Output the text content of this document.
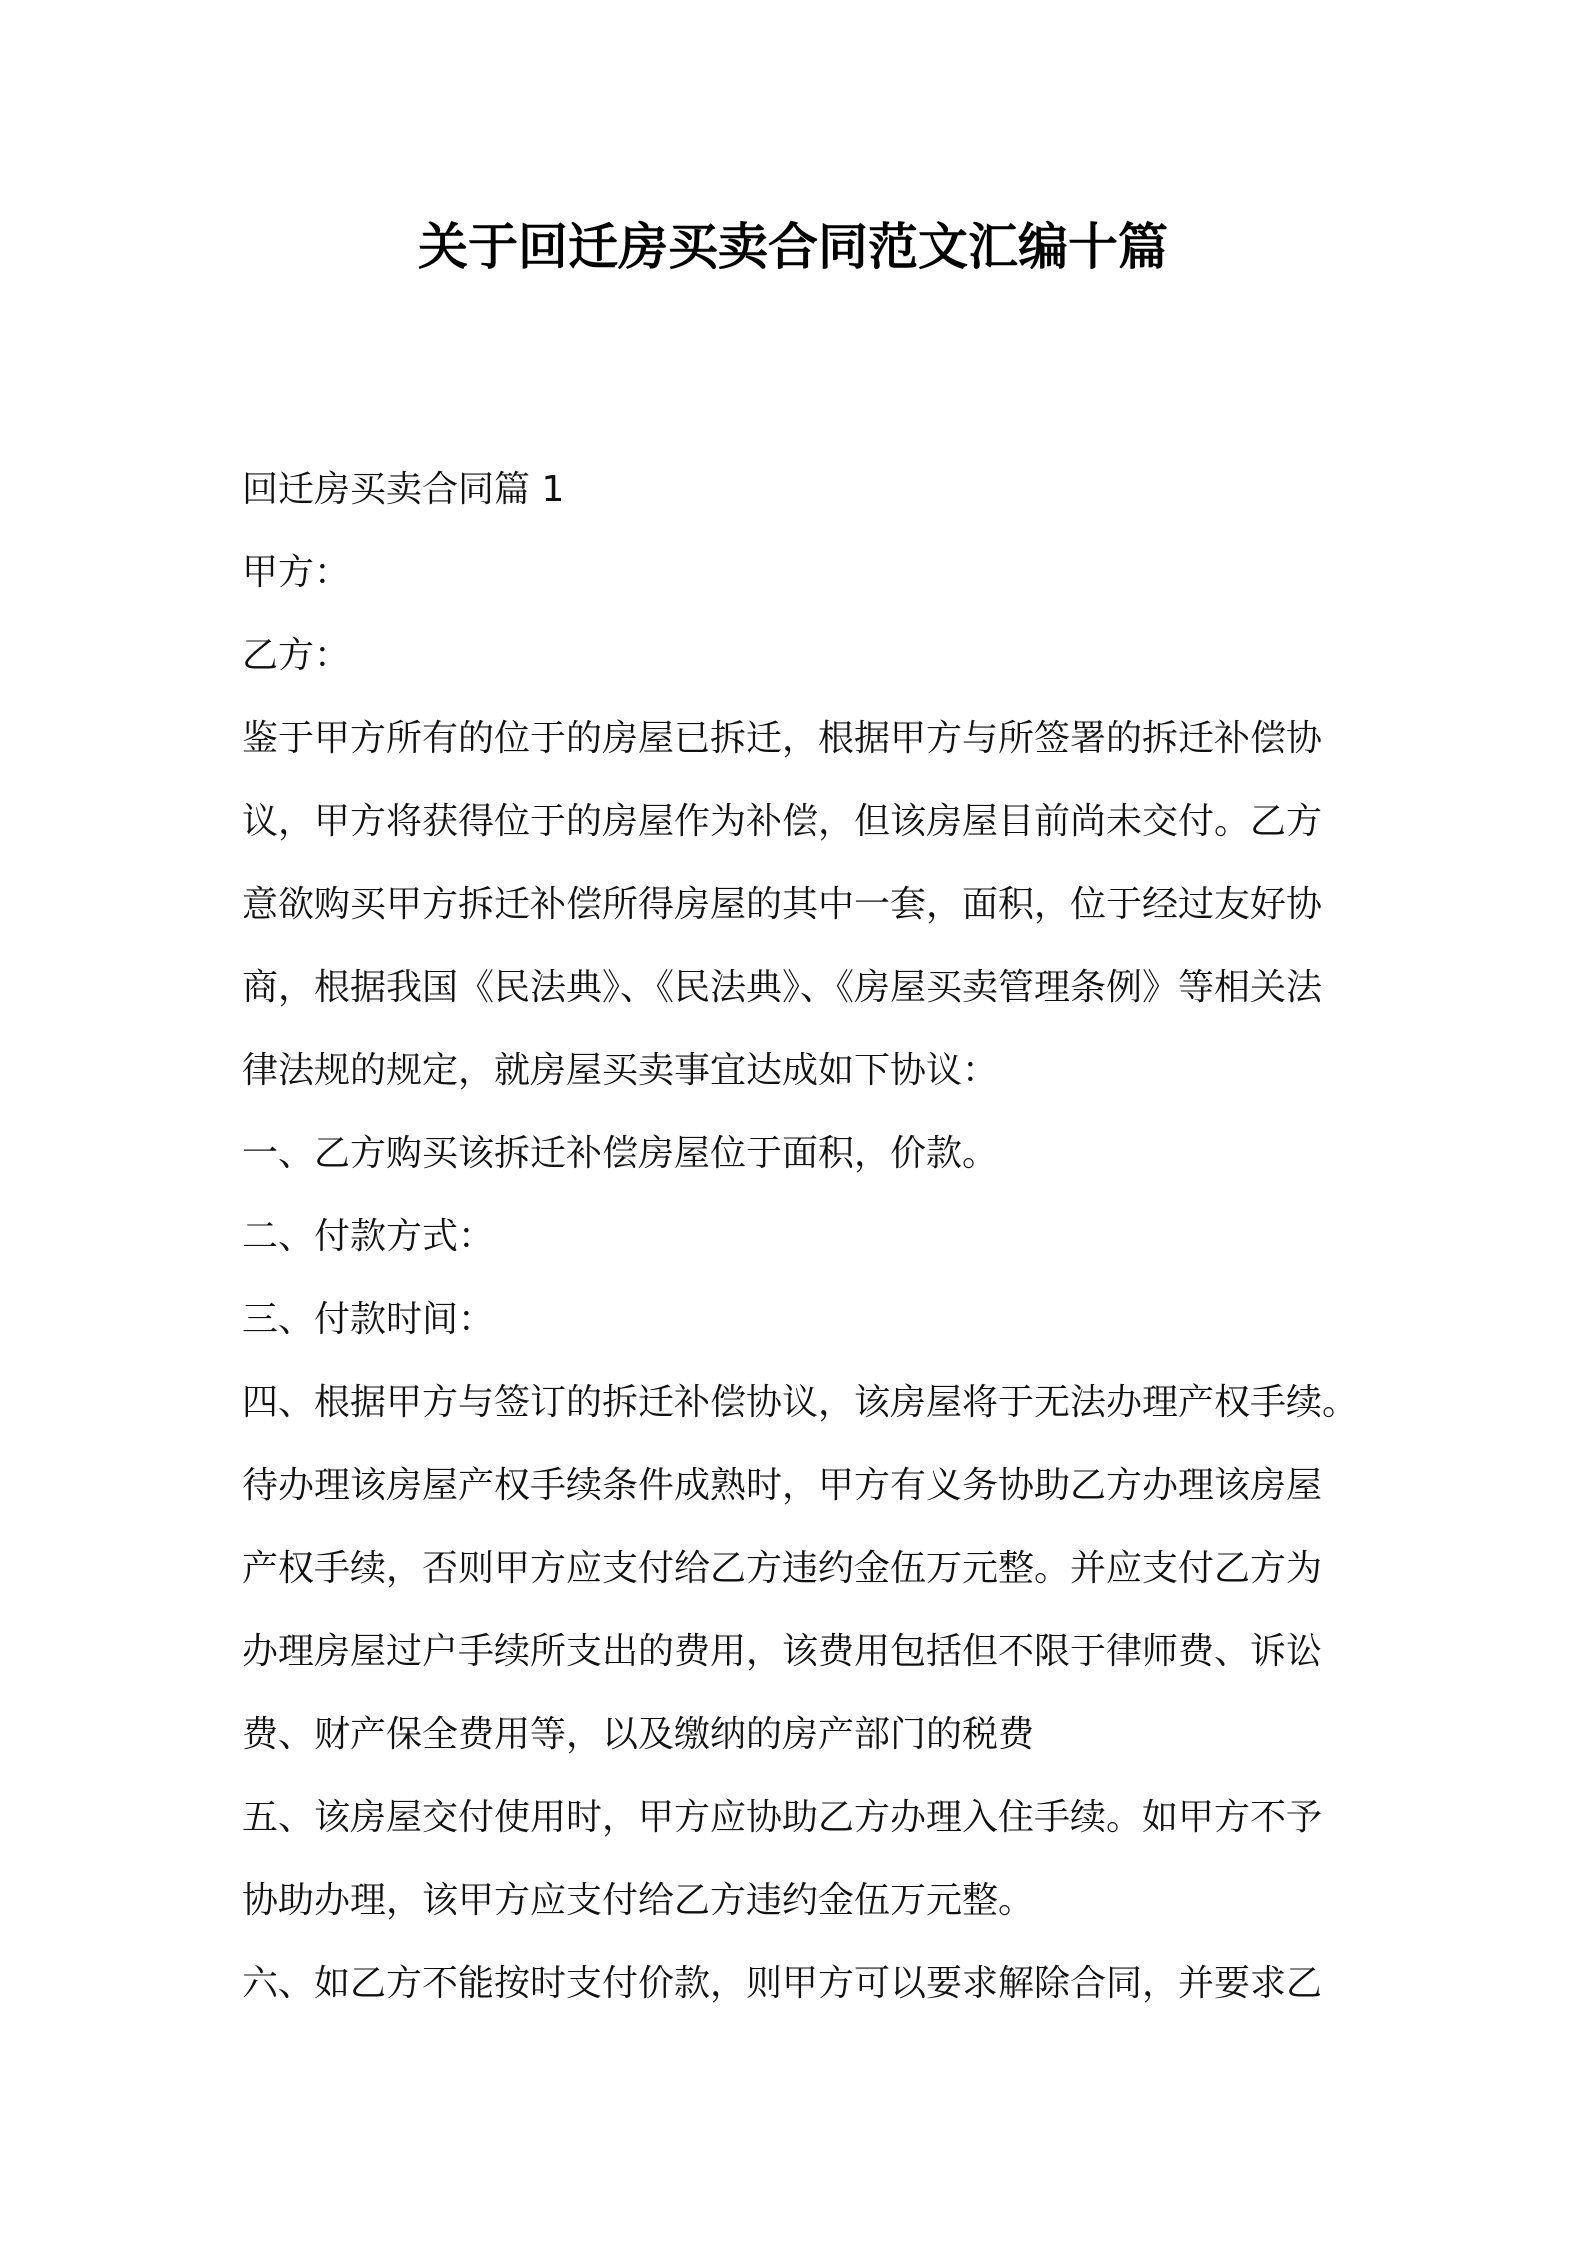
关于回迁房买卖合同范文汇编十篇

回迁房买卖合同篇 1

甲方：

乙方：

鉴于甲方所有的位于的房屋已拆迁，根据甲方与所签署的拆迁补偿协

议，甲方将获得位于的房屋作为补偿，但该房屋目前尚未交付。乙方

意欲购买甲方拆迁补偿所得房屋的其中一套，面积，位于经过友好协

商，根据我国《民法典》、《民法典》、《房屋买卖管理条例》等相关法

律法规的规定，就房屋买卖事宜达成如下协议：

一、乙方购买该拆迁补偿房屋位于面积，价款。

二、付款方式：

三、付款时间：

四、根据甲方与签订的拆迁补偿协议，该房屋将于无法办理产权手续。

待办理该房屋产权手续条件成熟时，甲方有义务协助乙方办理该房屋

产权手续，否则甲方应支付给乙方违约金伍万元整。并应支付乙方为

办理房屋过户手续所支出的费用，该费用包括但不限于律师费、诉讼

费、财产保全费用等，以及缴纳的房产部门的税费

五、该房屋交付使用时，甲方应协助乙方办理入住手续。如甲方不予

协助办理，该甲方应支付给乙方违约金伍万元整。

六、如乙方不能按时支付价款，则甲方可以要求解除合同，并要求乙
